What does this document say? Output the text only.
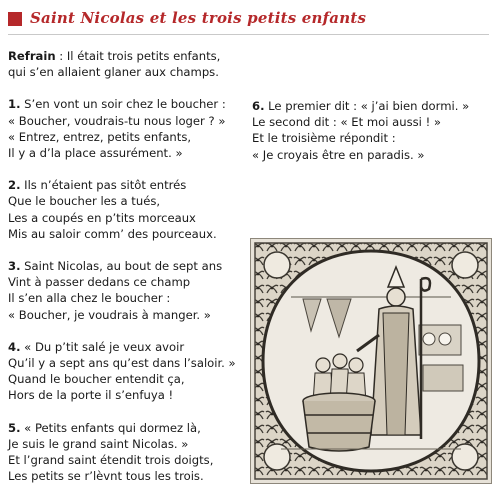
Saint Nicolas et les trois petits enfants
Refrain : Il était trois petits enfants,
qui s’en allaient glaner aux champs.
1. S’en vont un soir chez le boucher :
« Boucher, voudrais-tu nous loger ? »
« Entrez, entrez, petits enfants,
Il y a d’la place assurément. »
2. Ils n’étaient pas sitôt entrés
Que le boucher les a tués,
Les a coupés en p’tits morceaux
Mis au saloir comm’ des pourceaux.
3. Saint Nicolas, au bout de sept ans
Vint à passer dedans ce champ
Il s’en alla chez le boucher :
« Boucher, je voudrais à manger. »
4. « Du p’tit salé je veux avoir
Qu’il y a sept ans qu’est dans l’saloir. »
Quand le boucher entendit ça,
Hors de la porte il s’enfuya !
5. « Petits enfants qui dormez là,
Je suis le grand saint Nicolas. »
Et l’grand saint étendit trois doigts,
Les petits se r’lèvnt tous les trois.
6. Le premier dit : « j’ai bien dormi. »
Le second dit : « Et moi aussi ! »
Et le troisième répondit :
« Je croyais être en paradis. »
